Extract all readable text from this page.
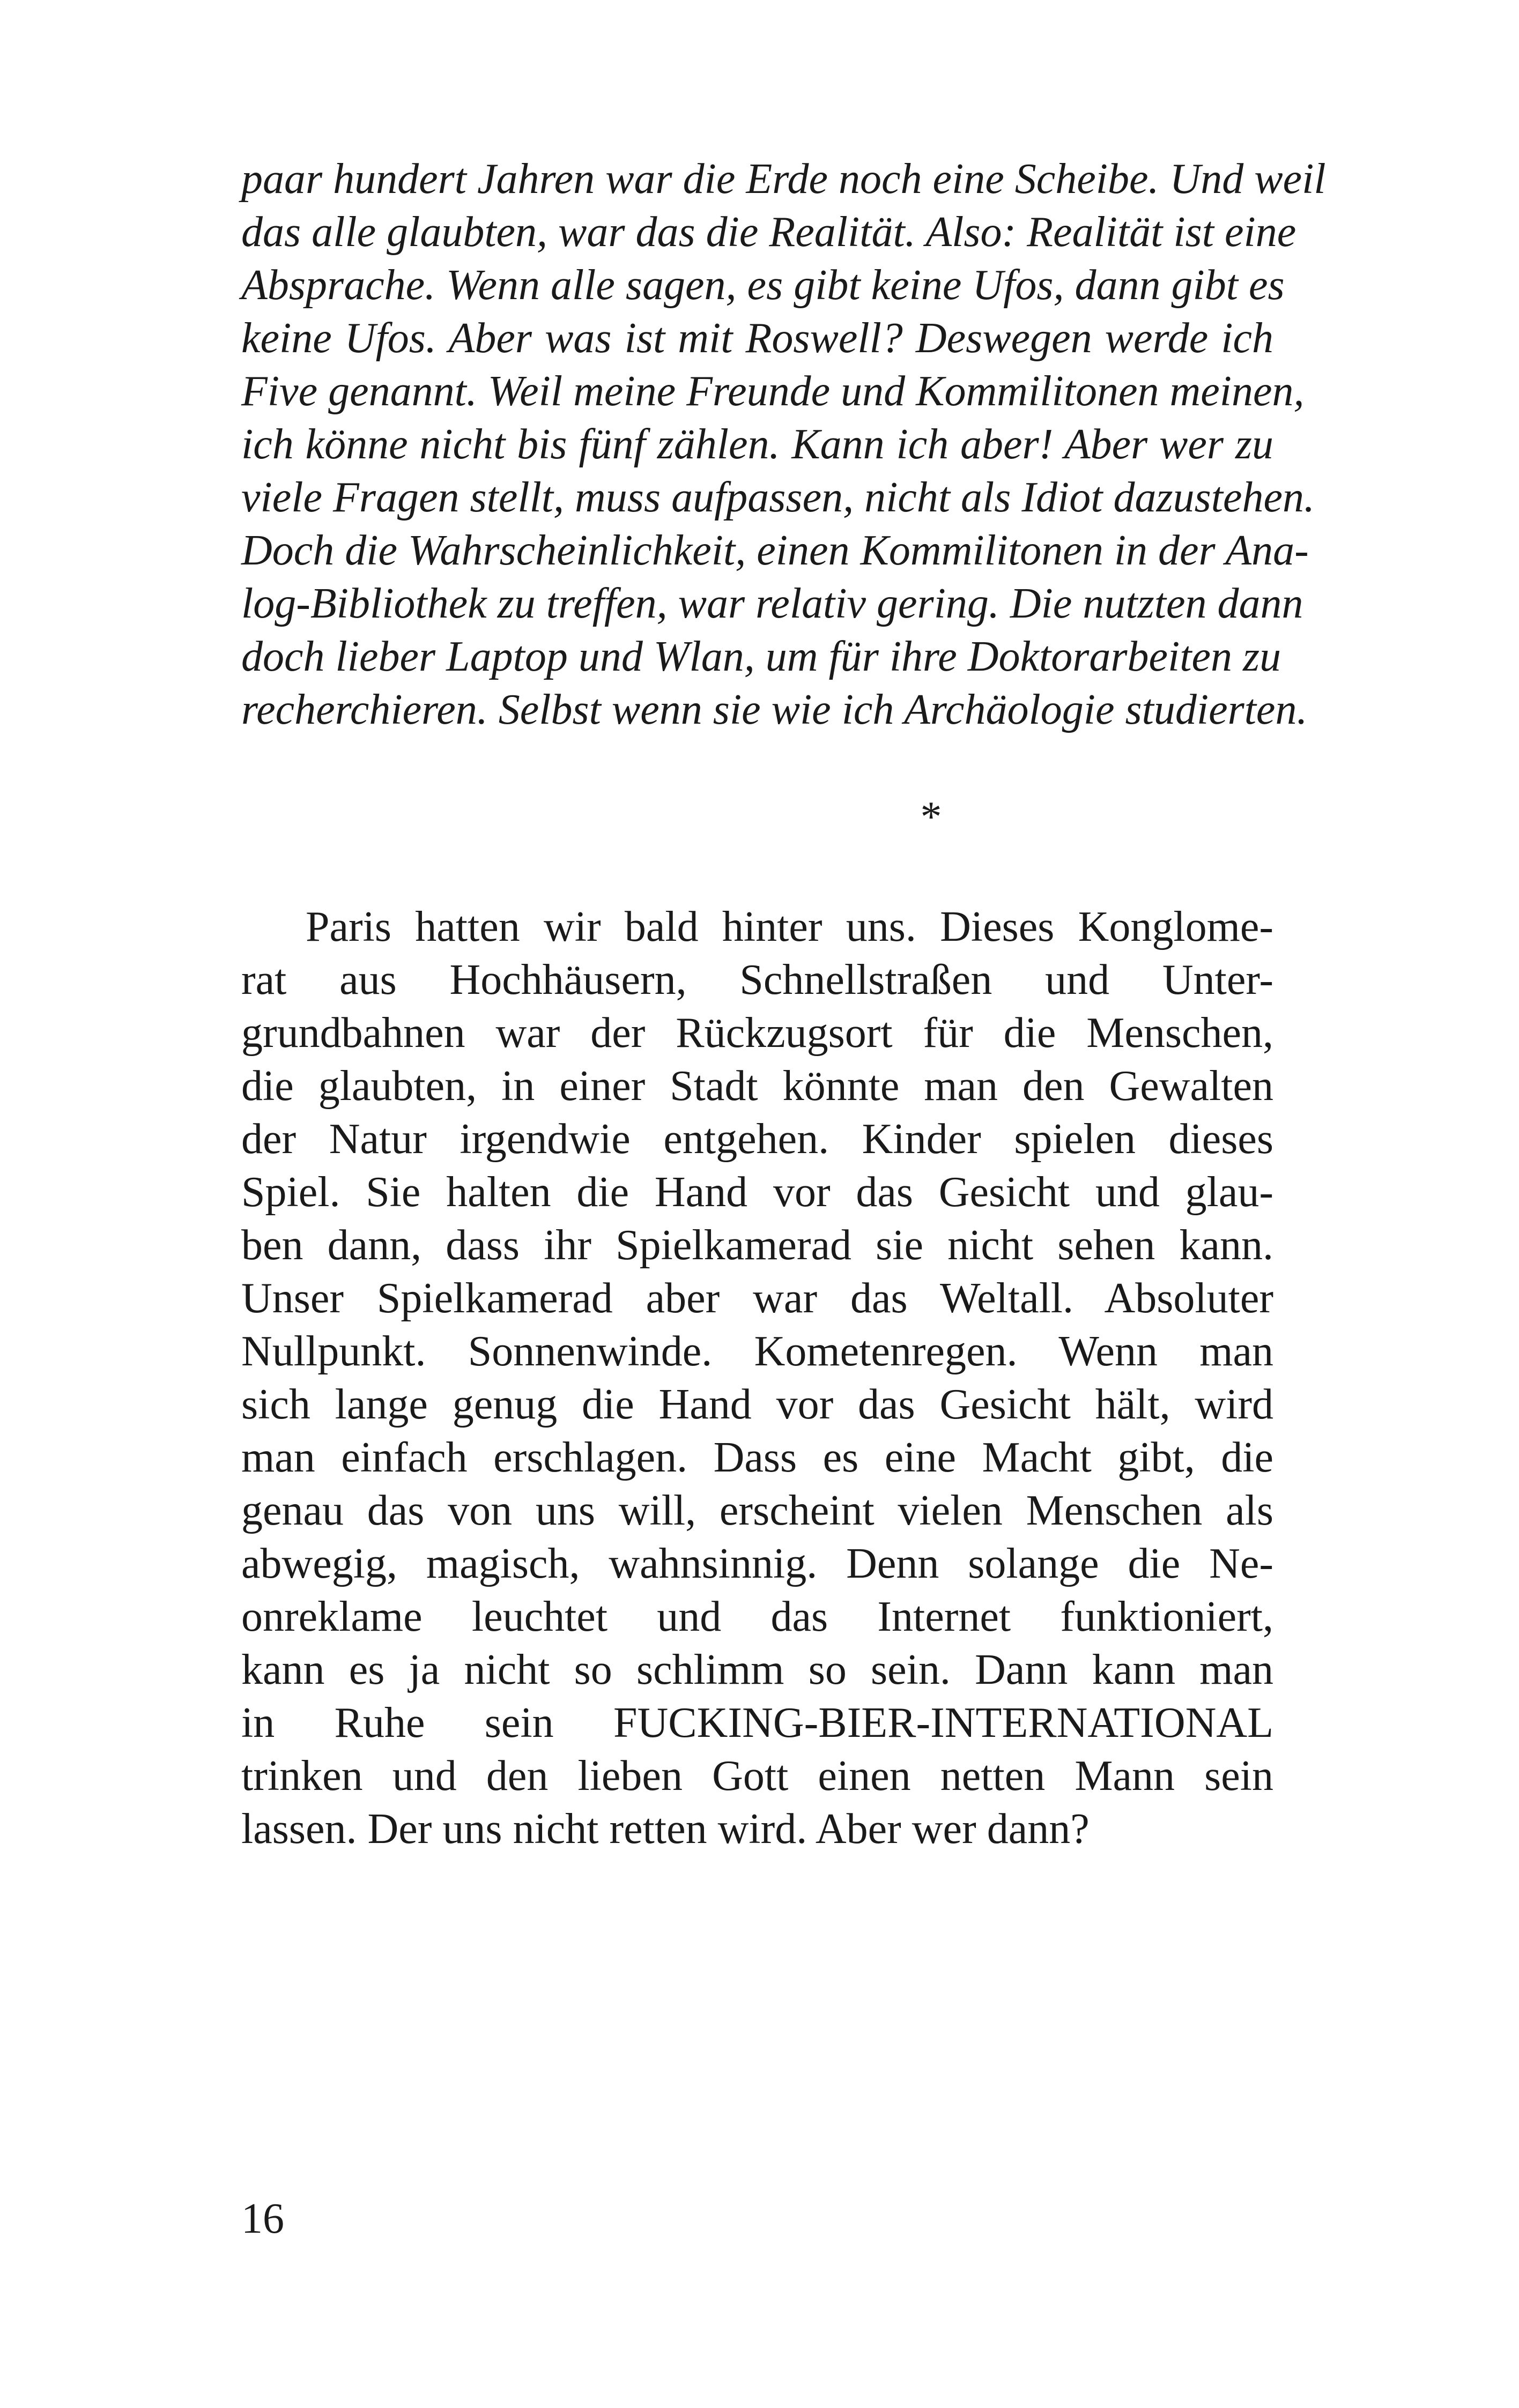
paar hundert Jahren war die Erde noch eine Scheibe. Und weil
das alle glaubten, war das die Realität. Also: Realität ist eine
Absprache. Wenn alle sagen, es gibt keine Ufos, dann gibt es
keine Ufos. Aber was ist mit Roswell? Deswegen werde ich
Five genannt. Weil meine Freunde und Kommilitonen meinen,
ich könne nicht bis fünf zählen. Kann ich aber! Aber wer zu
viele Fragen stellt, muss aufpassen, nicht als Idiot dazustehen.
Doch die Wahrscheinlichkeit, einen Kommilitonen in der Ana-
log-Bibliothek zu treffen, war relativ gering. Die nutzten dann
doch lieber Laptop und Wlan, um für ihre Doktorarbeiten zu
recherchieren. Selbst wenn sie wie ich Archäologie studierten.
*
Paris hatten wir bald hinter uns. Dieses Konglome-
rat aus Hochhäusern, Schnellstraßen und Unter-
grundbahnen war der Rückzugsort für die Menschen,
die glaubten, in einer Stadt könnte man den Gewalten
der Natur irgendwie entgehen. Kinder spielen dieses
Spiel. Sie halten die Hand vor das Gesicht und glau-
ben dann, dass ihr Spielkamerad sie nicht sehen kann.
Unser Spielkamerad aber war das Weltall. Absoluter
Nullpunkt. Sonnenwinde. Kometenregen. Wenn man
sich lange genug die Hand vor das Gesicht hält, wird
man einfach erschlagen. Dass es eine Macht gibt, die
genau das von uns will, erscheint vielen Menschen als
abwegig, magisch, wahnsinnig. Denn solange die Ne-
onreklame leuchtet und das Internet funktioniert,
kann es ja nicht so schlimm so sein. Dann kann man
in Ruhe sein FUCKING-BIER-INTERNATIONAL
trinken und den lieben Gott einen netten Mann sein
lassen. Der uns nicht retten wird. Aber wer dann?
16
